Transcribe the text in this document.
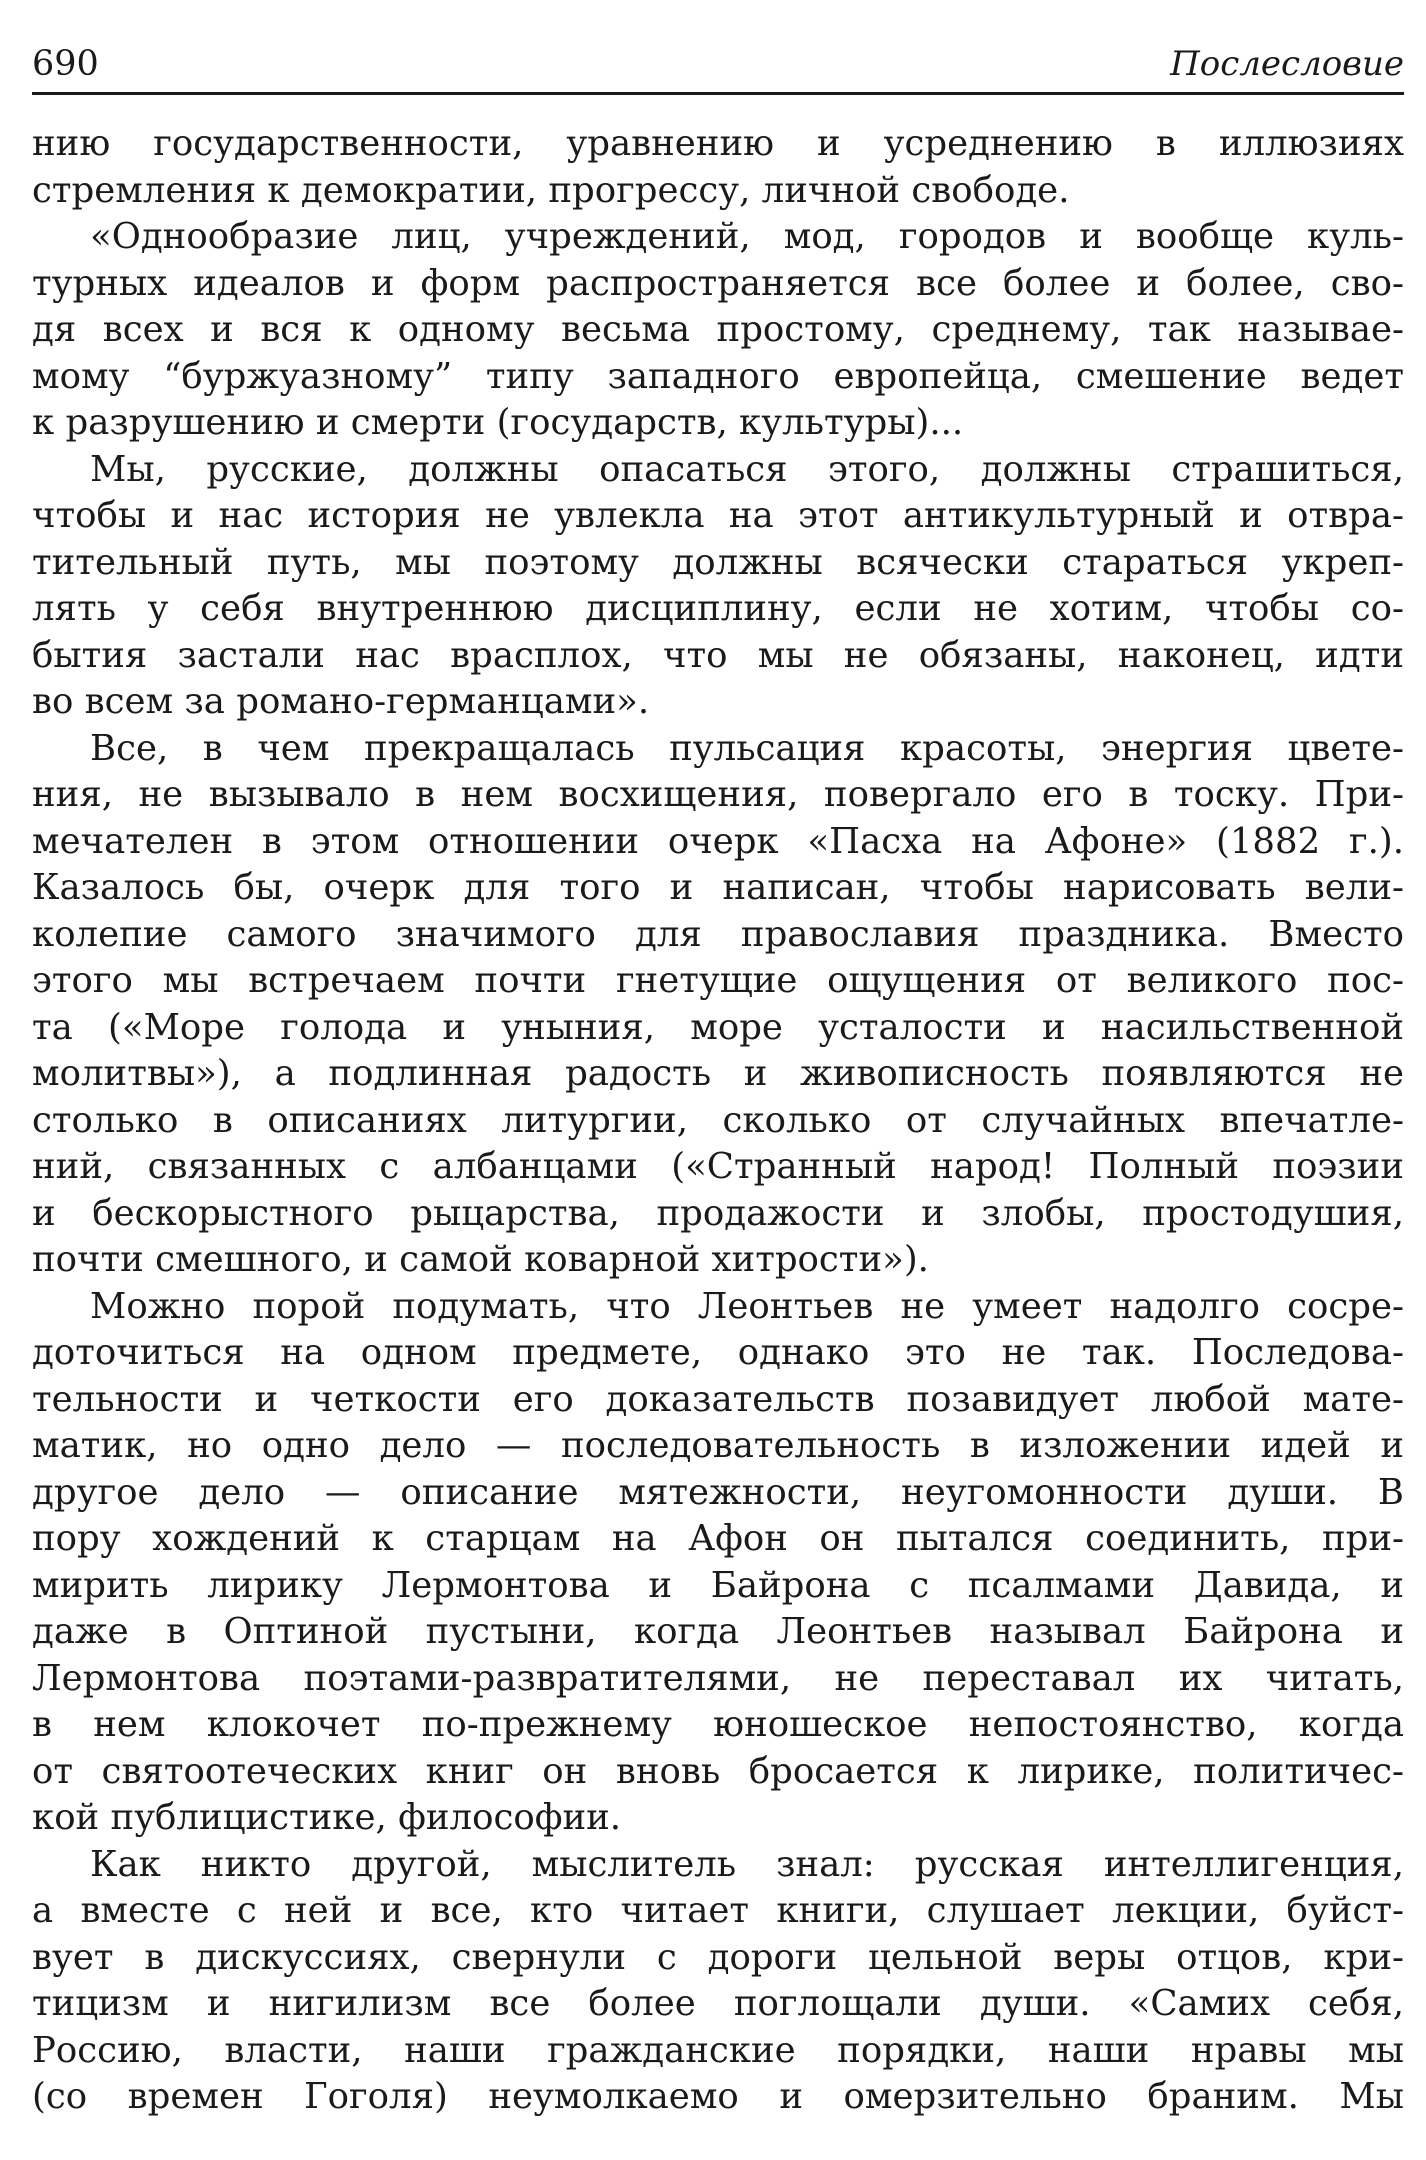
690	Послесловие
нию государственности, уравнению и усреднению в иллюзиях
стремления к демократии, прогрессу, личной свободе.
«Однообразие лиц, учреждений, мод, городов и вообще куль-
турных идеалов и форм распространяется все более и более, сво-
дя всех и вся к одному весьма простому, среднему, так называе-
мому “буржуазному” типу западного европейца, смешение ведет
к разрушению и смерти (государств, культуры)...
Мы, русские, должны опасаться этого, должны страшиться,
чтобы и нас история не увлекла на этот антикультурный и отвра-
тительный путь, мы поэтому должны всячески стараться укреп-
лять у себя внутреннюю дисциплину, если не хотим, чтобы со-
бытия застали нас врасплох, что мы не обязаны, наконец, идти
во всем за романо-германцами».
Все, в чем прекращалась пульсация красоты, энергия цвете-
ния, не вызывало в нем восхищения, повергало его в тоску. При-
мечателен в этом отношении очерк «Пасха на Афоне» (1882 г.).
Казалось бы, очерк для того и написан, чтобы нарисовать вели-
колепие самого значимого для православия праздника. Вместо
этого мы встречаем почти гнетущие ощущения от великого пос-
та («Море голода и уныния, море усталости и насильственной
молитвы»), а подлинная радость и живописность появляются не
столько в описаниях литургии, сколько от случайных впечатле-
ний, связанных с албанцами («Странный народ! Полный поэзии
и бескорыстного рыцарства, продажости и злобы, простодушия,
почти смешного, и самой коварной хитрости»).
Можно порой подумать, что Леонтьев не умеет надолго сосре-
доточиться на одном предмете, однако это не так. Последова-
тельности и четкости его доказательств позавидует любой мате-
матик, но одно дело — последовательность в изложении идей и
другое дело — описание мятежности, неугомонности души. В
пору хождений к старцам на Афон он пытался соединить, при-
мирить лирику Лермонтова и Байрона с псалмами Давида, и
даже в Оптиной пустыни, когда Леонтьев называл Байрона и
Лермонтова поэтами-развратителями, не переставал их читать,
в нем клокочет по-прежнему юношеское непостоянство, когда
от святоотеческих книг он вновь бросается к лирике, политичес-
кой публицистике, философии.
Как никто другой, мыслитель знал: русская интеллигенция,
а вместе с ней и все, кто читает книги, слушает лекции, буйст-
вует в дискуссиях, свернули с дороги цельной веры отцов, кри-
тицизм и нигилизм все более поглощали души. «Самих себя,
Россию, власти, наши гражданские порядки, наши нравы мы
(со времен Гоголя) неумолкаемо и омерзительно браним. Мы
